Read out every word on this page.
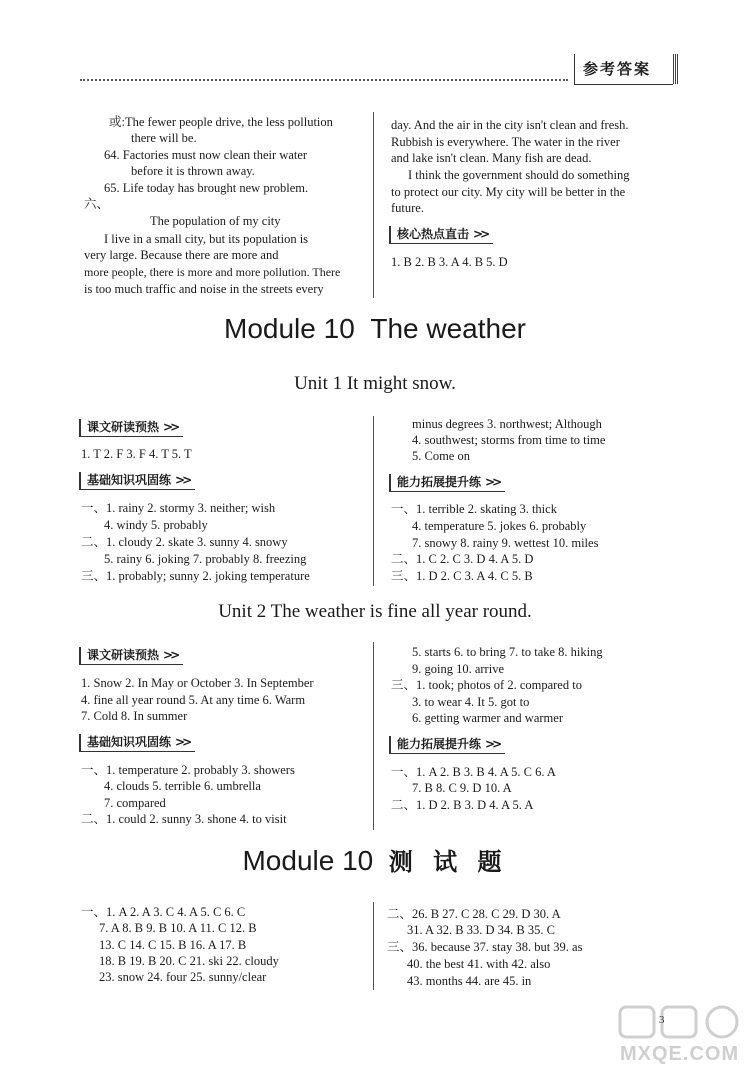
参考答案
或:The fewer people drive, the less pollution
there will be.
64. Factories must now clean their water
before it is thrown away.
65. Life today has brought new problem.
六、
The population of my city
I live in a small city, but its population is
very large. Because there are more and
more people, there is more and more pollution. There
is too much traffic and noise in the streets every
day. And the air in the city isn't clean and fresh.
Rubbish is everywhere. The water in the river
and lake isn't clean. Many fish are dead.
I think the government should do something
to protect our city. My city will be better in the
future.
核心热点直击 >>
1. B 2. B 3. A 4. B 5. D
Module 10 The weather
Unit 1 It might snow.
课文研读预热 >>
1. T 2. F 3. F 4. T 5. T
基础知识巩固练 >>
一、1. rainy 2. stormy 3. neither; wish
4. windy 5. probably
二、1. cloudy 2. skate 3. sunny 4. snowy
5. rainy 6. joking 7. probably 8. freezing
三、1. probably; sunny 2. joking temperature
minus degrees 3. northwest; Although
4. southwest; storms from time to time
5. Come on
能力拓展提升练 >>
一、1. terrible 2. skating 3. thick
4. temperature 5. jokes 6. probably
7. snowy 8. rainy 9. wettest 10. miles
二、1. C 2. C 3. D 4. A 5. D
三、1. D 2. C 3. A 4. C 5. B
Unit 2 The weather is fine all year round.
课文研读预热 >>
1. Snow 2. In May or October 3. In September
4. fine all year round 5. At any time 6. Warm
7. Cold 8. In summer
基础知识巩固练 >>
一、1. temperature 2. probably 3. showers
4. clouds 5. terrible 6. umbrella
7. compared
二、1. could 2. sunny 3. shone 4. to visit
5. starts 6. to bring 7. to take 8. hiking
9. going 10. arrive
三、1. took; photos of 2. compared to
3. to wear 4. It 5. got to
6. getting warmer and warmer
能力拓展提升练 >>
一、1. A 2. B 3. B 4. A 5. C 6. A
7. B 8. C 9. D 10. A
二、1. D 2. B 3. D 4. A 5. A
Module 10 测 试 题
一、1. A 2. A 3. C 4. A 5. C 6. C
7. A 8. B 9. B 10. A 11. C 12. B
13. C 14. C 15. B 16. A 17. B
18. B 19. B 20. C 21. ski 22. cloudy
23. snow 24. four 25. sunny/clear
二、26. B 27. C 28. C 29. D 30. A
31. A 32. B 33. D 34. B 35. C
三、36. because 37. stay 38. but 39. as
40. the best 41. with 42. also
43. months 44. are 45. in
3
MXQE.COM
